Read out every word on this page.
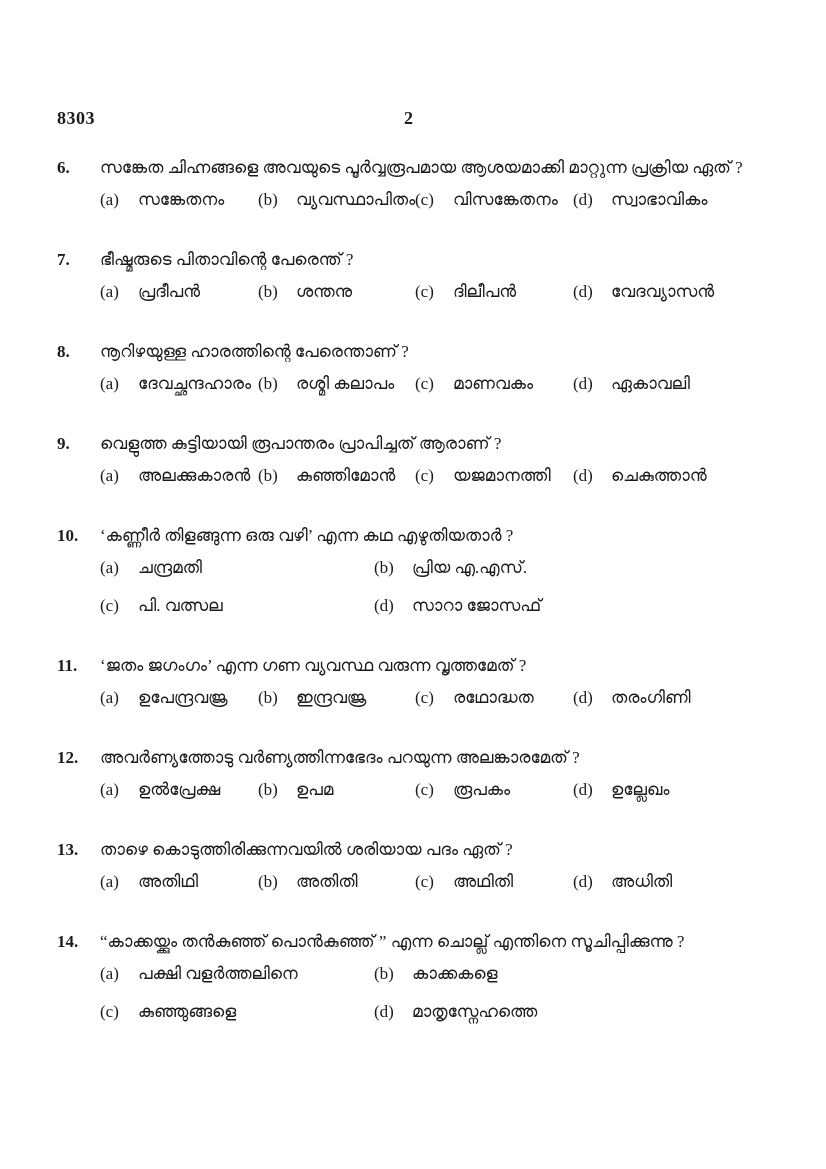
8303	2
6.	സങ്കേത ചിഹ്നങ്ങളെ അവയുടെ പൂർവ്വരൂപമായ ആശയമാക്കി മാറ്റുന്ന പ്രക്രിയ ഏത് ?
(a)	സങ്കേതനം (b)	വ്യവസ്ഥാപിതം (c)	വിസങ്കേതനം (d)	സ്വാഭാവികം
7.	ഭീഷ്മരുടെ പിതാവിന്റെ പേരെന്ത് ?
(a)	പ്രദീപൻ	(b)	ശന്തനു	(c)	ദിലീപൻ	(d)	വേദവ്യാസൻ
8.	നൂറിഴയുള്ള ഹാരത്തിന്റെ പേരെന്താണ് ?
(a)	ദേവച്ഛന്ദഹാരം (b)	രശ്മി കലാപം (c)	മാണവകം (d)	ഏകാവലി
9.	വെളുത്ത കുട്ടിയായി രൂപാന്തരം പ്രാപിച്ചത് ആരാണ് ?
(a)	അലക്കുകാരൻ (b)	കുഞ്ഞിമോൻ (c)	യജമാനത്തി (d)	ചെകുത്താൻ
10.	‘കണ്ണീർ തിളങ്ങുന്ന ഒരു വഴി’ എന്ന കഥ എഴുതിയതാർ ?
(a)	ചന്ദ്രമതി	(b)	പ്രിയ എ.എസ്.
(c)	പി. വത്സല	(d)	സാറാ ജോസഫ്
11.	‘ജതം ജഗംഗം’ എന്ന ഗണ വ്യവസ്ഥ വരുന്ന വൃത്തമേത് ?
(a)	ഉപേന്ദ്രവജ്ര (b)	ഇന്ദ്രവജ്ര	(c)	രഥോദ്ധത (d)	തരംഗിണി
12.	അവർണ്യത്തോടു വർണ്യത്തിന്നഭേദം പറയുന്ന അലങ്കാരമേത് ?
(a)	ഉൽപ്രേക്ഷ (b)	ഉപമ	(c)	രൂപകം	(d)	ഉല്ലേഖം
13.	താഴെ കൊടുത്തിരിക്കുന്നവയിൽ ശരിയായ പദം ഏത് ?
(a)	അതിഥി	(b)	അതിതി	(c)	അഥിതി	(d)	അധിതി
14.	“കാക്കയ്ക്കും തൻകുഞ്ഞ് പൊൻകുഞ്ഞ് ” എന്ന ചൊല്ല് എന്തിനെ സൂചിപ്പിക്കുന്നു ?
(a)	പക്ഷി വളർത്തലിനെ	(b)	കാക്കകളെ
(c)	കുഞ്ഞുങ്ങളെ	(d)	മാതൃസ്നേഹത്തെ
